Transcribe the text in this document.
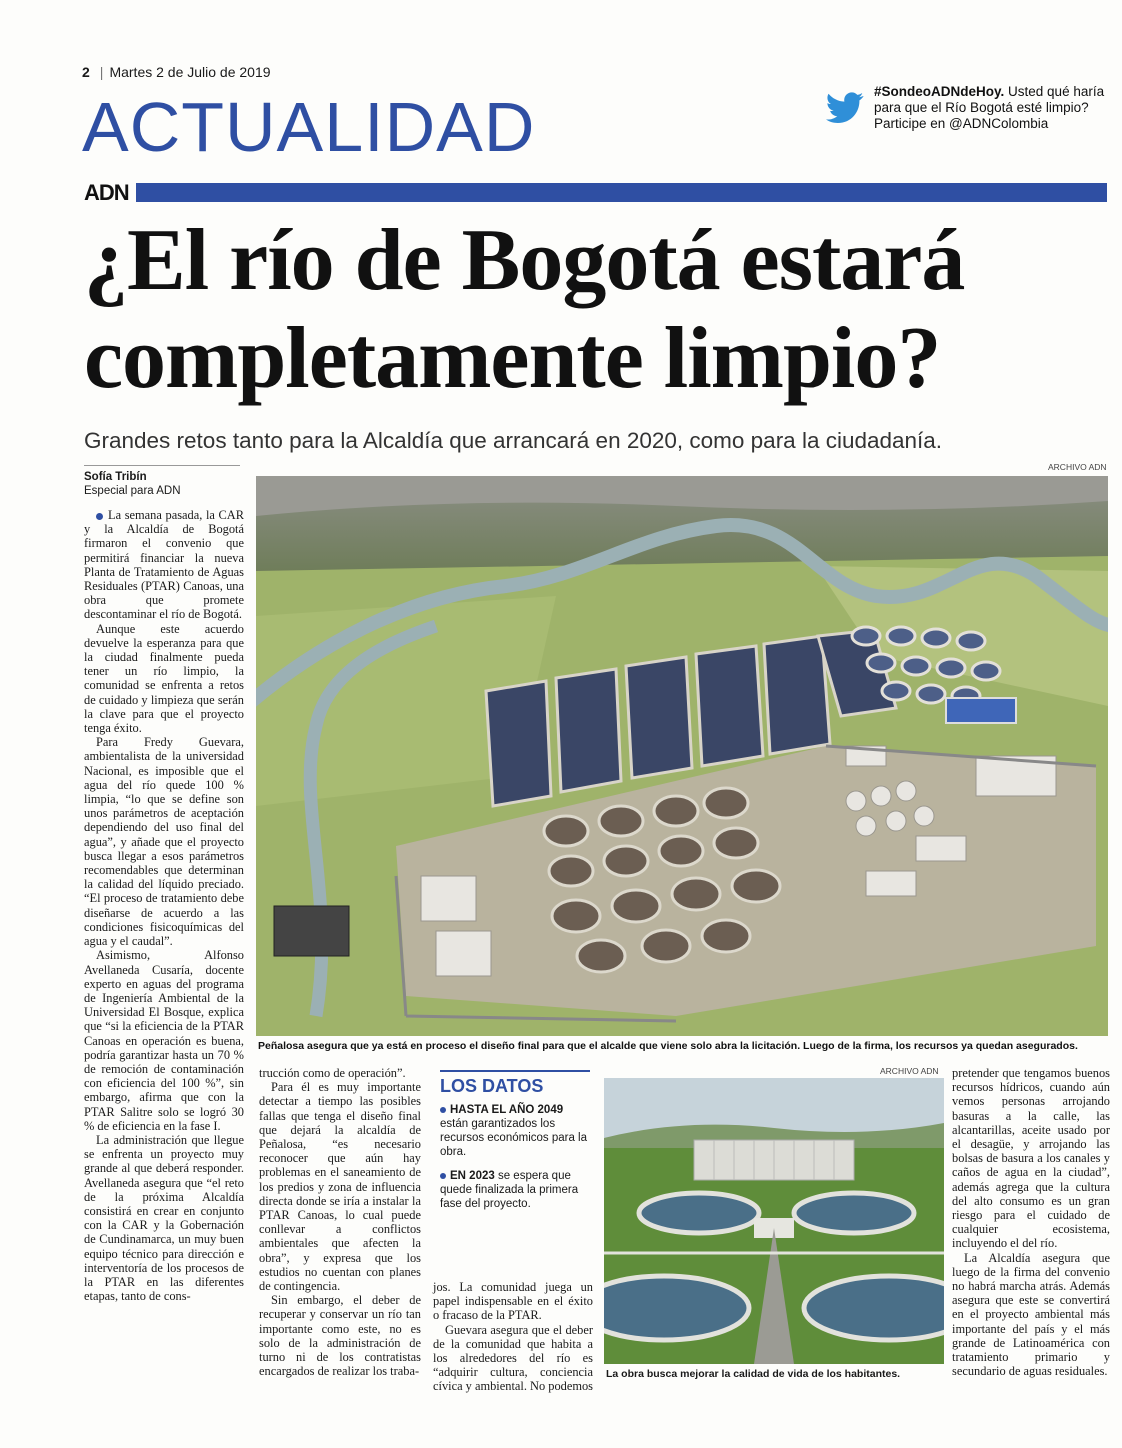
2 | Martes 2 de Julio de 2019
ACTUALIDAD	#SondeoADNdeHoy. Usted qué haría para que el Río Bogotá esté limpio?
Participe en @ADNColombia
ADN
¿El río de Bogotá estará completamente limpio?
Grandes retos tanto para la Alcaldía que arrancará en 2020, como para la ciudadanía.
Sofía Tribín
Especial para ADN
ARCHIVO ADN
Peñalosa asegura que ya está en proceso el diseño final para que el alcalde que viene solo abra la licitación. Luego de la firma, los recursos ya quedan asegurados.

La semana pasada, la CAR y la Alcaldía de Bogotá firmaron el convenio que permitirá financiar la nueva Planta de Tratamiento de Aguas Residuales (PTAR) Canoas, una obra que promete descontaminar el río de Bogotá.

Aunque este acuerdo devuelve la esperanza para que la ciudad finalmente pueda tener un río limpio, la comunidad se enfrenta a retos de cuidado y limpieza que serán la clave para que el proyecto tenga éxito.

Para Fredy Guevara, ambientalista de la universidad Nacional, es imposible que el agua del río quede 100 % limpia, “lo que se define son unos parámetros de aceptación dependiendo del uso final del agua”, y añade que el proyecto busca llegar a esos parámetros recomendables que determinan la calidad del líquido preciado. “El proceso de tratamiento debe diseñarse de acuerdo a las condiciones fisicoquímicas del agua y el caudal”.

Asimismo, Alfonso Avellaneda Cusaría, docente experto en aguas del programa de Ingeniería Ambiental de la Universidad El Bosque, explica que “si la eficiencia de la PTAR Canoas en operación es buena, podría garantizar hasta un 70 % de remoción de contaminación con eficiencia del 100 %”, sin embargo, afirma que con la PTAR Salitre solo se logró 30 % de eficiencia en la fase I.

La administración que llegue se enfrenta un proyecto muy grande al que deberá responder. Avellaneda asegura que “el reto de la próxima Alcaldía consistirá en crear en conjunto con la CAR y la Gobernación de Cundinamarca, un muy buen equipo técnico para dirección e interventoría de los procesos de la PTAR en las diferentes etapas, tanto de cons-

trucción como de operación”.

Para él es muy importante detectar a tiempo las posibles fallas que tenga el diseño final que dejará la alcaldía de Peñalosa, “es necesario reconocer que aún hay problemas en el saneamiento de los predios y zona de influencia directa donde se iría a instalar la PTAR Canoas, lo cual puede conllevar a conflictos ambientales que afecten la obra”, y expresa que los estudios no cuentan con planes de contingencia.

Sin embargo, el deber de recuperar y conservar un río tan importante como este, no es solo de la administración de turno ni de los contratistas encargados de realizar los traba-

LOS DATOS
HASTA EL AÑO 2049 están garantizados los recursos económicos para la obra.
EN 2023 se espera que quede finalizada la primera fase del proyecto.

jos. La comunidad juega un papel indispensable en el éxito o fracaso de la PTAR.

Guevara asegura que el deber de la comunidad que habita a los alrededores del río es “adquirir cultura, conciencia cívica y ambiental. No podemos

ARCHIVO ADN
La obra busca mejorar la calidad de vida de los habitantes.

pretender que tengamos buenos recursos hídricos, cuando aún vemos personas arrojando basuras a la calle, las alcantarillas, aceite usado por el desagüe, y arrojando las bolsas de basura a los canales y caños de agua en la ciudad”, además agrega que la cultura del alto consumo es un gran riesgo para el cuidado de cualquier ecosistema, incluyendo el del río.

La Alcaldía asegura que luego de la firma del convenio no habrá marcha atrás. Además asegura que este se convertirá en el proyecto ambiental más importante del país y el más grande de Latinoamérica con tratamiento primario y secundario de aguas residuales.
